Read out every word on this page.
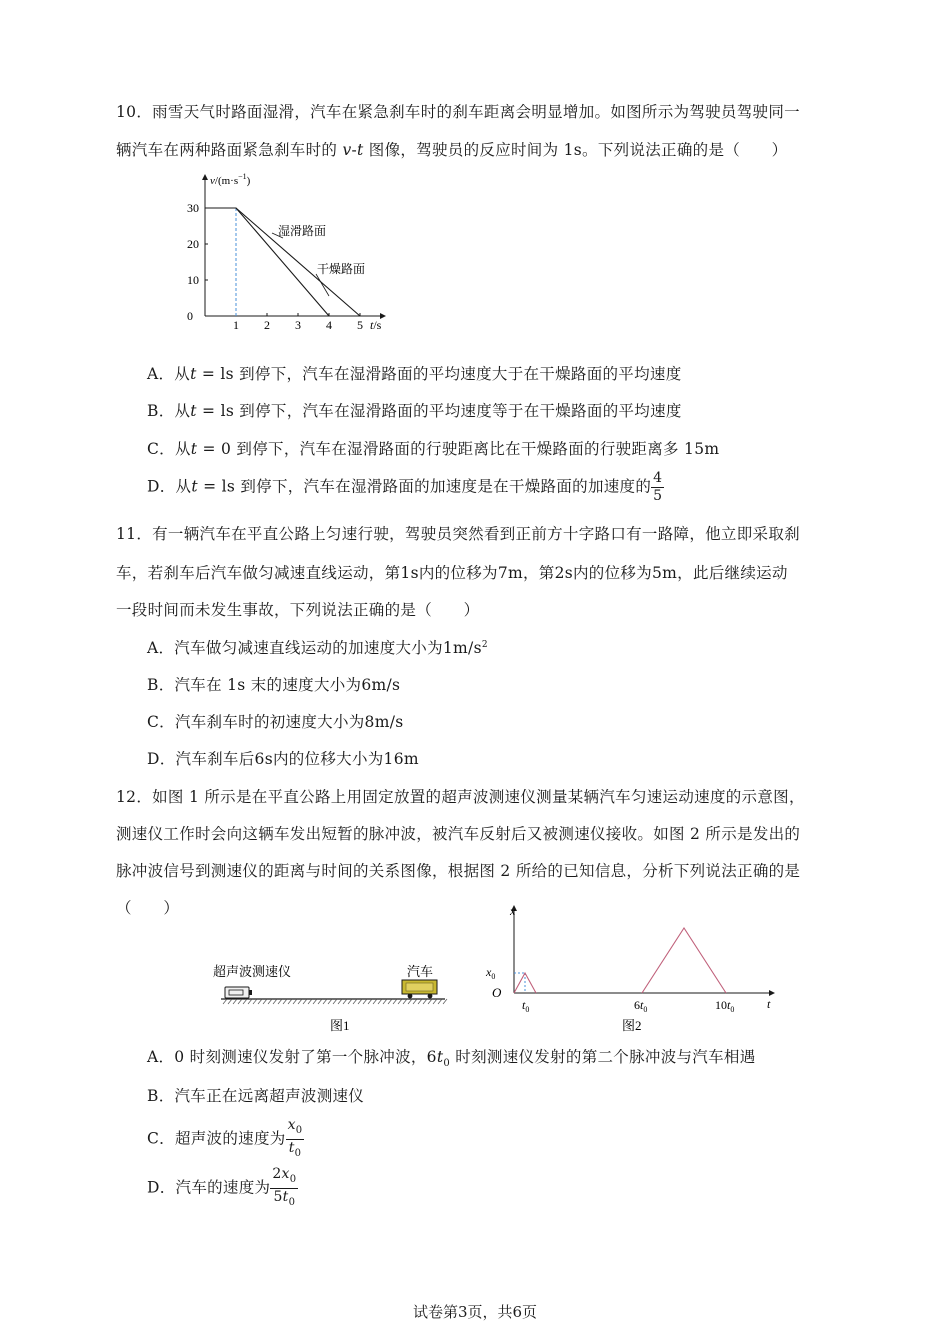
10．雨雪天气时路面湿滑，汽车在紧急刹车时的刹车距离会明显增加。如图所示为驾驶员驾驶同一
辆汽车在两种路面紧急刹车时的 v-t 图像，驾驶员的反应时间为 1s。下列说法正确的是（　　）
$v/(m\cdot s^{-1})$
t/s
30
20
10
0
1 2 3 4 5
湿滑路面
干燥路面
A．从t = ls 到停下，汽车在湿滑路面的平均速度大于在干燥路面的平均速度
B．从t = ls 到停下，汽车在湿滑路面的平均速度等于在干燥路面的平均速度
C．从t = 0 到停下，汽车在湿滑路面的行驶距离比在干燥路面的行驶距离多 15m
D．从t = ls 到停下，汽车在湿滑路面的加速度是在干燥路面的加速度的 $\frac{4}{5}$
11．有一辆汽车在平直公路上匀速行驶，驾驶员突然看到正前方十字路口有一路障，他立即采取刹
车，若刹车后汽车做匀减速直线运动，第1s内的位移为7m，第2s内的位移为5m，此后继续运动
一段时间而未发生事故，下列说法正确的是（　　）
A．汽车做匀减速直线运动的加速度大小为$1m/s^2$
B．汽车在 1s 末的速度大小为6m/s
C．汽车刹车时的初速度大小为8m/s
D．汽车刹车后6s内的位移大小为16m
12．如图 1 所示是在平直公路上用固定放置的超声波测速仪测量某辆汽车匀速运动速度的示意图，
测速仪工作时会向这辆车发出短暂的脉冲波，被汽车反射后又被测速仪接收。如图 2 所示是发出的
脉冲波信号到测速仪的距离与时间的关系图像，根据图 2 所给的已知信息，分析下列说法正确的是
（　　）
超声波测速仪	汽车
图1
x
t
O
$x_0$
$t_0$	$6t_0$	$10t_0$
图2
A．0 时刻测速仪发射了第一个脉冲波，$6t_0$ 时刻测速仪发射的第二个脉冲波与汽车相遇
B．汽车正在远离超声波测速仪
C．超声波的速度为 $\frac{x_0}{t_0}$
D．汽车的速度为 $\frac{2x_0}{5t_0}$
试卷第3页，共6页
